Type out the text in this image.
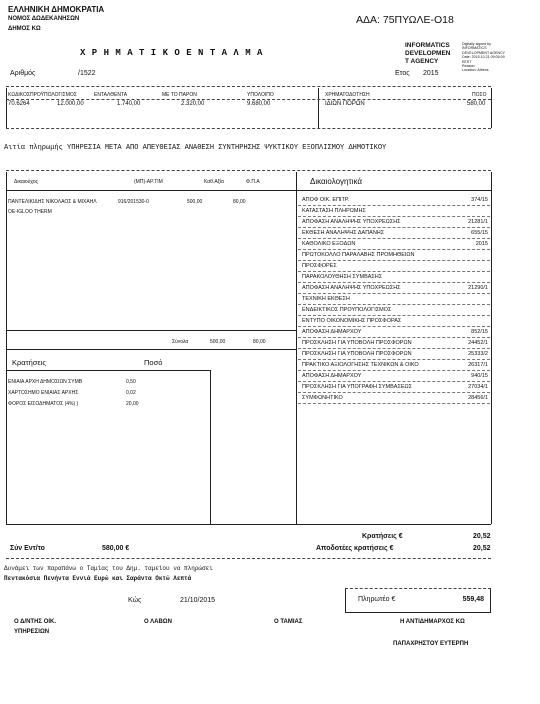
ΕΛΛΗΝΙΚΗ ΔΗΜΟΚΡΑΤΙΑ
ΝΟΜΟΣ ΔΩΔΕΚΑΝΗΣΩΝ
ΔΗΜΟΣ ΚΩ
ΑΔΑ: 75ΠΥΩΛΕ-Ο18
Χ Ρ Η Μ Α Τ Ι Κ Ο Ε Ν Τ Α Λ Μ Α
Αριθμός	/1522	Ετος 2015
INFORMATICS
DEVELOPMEN
T AGENCY
Digitally signed by
INFORMATICS
DEVELOPMENT AGENCY
Date: 2015.10.21 09:05:09
EEST
Reason:
Location: Athens
ΚΩΔΙΚΟΣΠΡΟΫΠΟΛΟΓΙΣΜΟΣ	ΕΝΤΑΛΘΕΝΤΑ	ΜΕ ΤΟ ΠΑΡΟΝ	ΥΠΟΛΟΙΠΟ	ΧΡΗΜΑΤΟΔΟΤΗΣΗ	ΠΟΣΟ
70.6264	12.000,00	1.740,00	2.320,00	9.680,00	ΙΔΙΩΝ ΠΟΡΩΝ	580,00
Αιτία πληρωμής ΥΠΗΡΕΣΙΑ ΜΕΤΑ ΑΠΟ ΑΠΕΥΘΕΙΑΣ ΑΝΑΘΕΣΗ ΣΥΝΤΗΡΗΣΗΣ ΨΥΚΤΙΚΟΥ ΕΞΟΠΛΙΣΜΟΥ ΔΗΜΟΤΙΚΟΥ
Δικαιούχος	(ΜΠ)-ΑΡ.ΤΙΜ	Καθ.Αξία	Φ.Π.Α	Δικαιολογητικά
ΠΑΝΤΕΛΙΚΙΔΗΣ ΝΙΚΟΛΑΟΣ & ΜΙΧΑΗΛ	916/201530-0	500,00	80,00
OE-IGLOO THERM
Σύνολα	500,00	80,00
Κρατήσεις	Ποσό
ΕΝΙΑΙΑ ΑΡΧΗ ΔΗΜΟΣΙΩΝ ΣΥΜΒ	0,50
ΧΑΡΤΟΣΗΜΟ ΕΝΙΑΙΑΣ ΑΡΧΗΣ	0,02
ΦΟΡΟΣ ΕΙΣΟΔΗΜΑΤΟΣ (4%) )	20,00
ΑΠΟΦ ΟΙΚ. ΕΠΙΤΡ.	374/15
ΚΑΤΑΣΤΑΣΗ ΠΛΗΡΩΜΗΣ
ΑΠΟΦΑΣΗ ΑΝΑΛΗΨΗΣ ΥΠΟΧΡΕΩΣΗΣ	21281/1
ΕΚΘΕΣΗ ΑΝΑΛΗΨΗΣ ΔΑΠΑΝΗΣ	655/15
ΚΑΘΟΛΙΚΟ ΕΞΟΔΩΝ	2015
ΠΡΩΤΟΚΟΛΛΟ ΠΑΡΑΛΑΒΗΣ ΠΡΟΜΗΘΕΙΩΝ
ΠΡΟΣΦΟΡΕΣ
ΠΑΡΑΚΟΛΟΥΘΗΣΗ ΣΥΜΒΑΣΗΣ
ΑΠΟΦΑΣΗ ΑΝΑΛΗΨΗΣ ΥΠΟΧΡΕΩΣΗΣ	21290/1
ΤΕΧΝΙΚΗ ΕΚΘΕΣΗ
ΕΝΔΕΙΚΤΙΚΟΣ ΠΡΟΥΠΟΛΟΓΙΣΜΟΣ
ΕΝΤΥΠΟ ΟΙΚΟΝΟΜΙΚΗΣ ΠΡΟΣΦΟΡΑΣ
ΑΠΟΦΑΣΗ ΔΗΜΑΡΧΟΥ	852/15
ΠΡΟΣΚΛΗΣΗ ΓΙΑ ΥΠΟΒΟΛΗ ΠΡΟΣΦΟΡΩΝ	24452/1
ΠΡΟΣΚΛΗΣΗ ΓΙΑ ΥΠΟΒΟΛΗ ΠΡΟΣΦΟΡΩΝ	25333/2
ΠΡΑΚΤΙΚΟ ΑΞΙΟΛΟΓΗΣΗΣ ΤΕΧΝΙΚΩΝ & ΟΙΚΟ	26317/1
ΑΠΟΦΑΣΗ ΔΗΜΑΡΧΟΥ	940/15
ΠΡΟΣΚΛΗΣΗ ΓΙΑ ΥΠΟΓΡΑΦΗ ΣΥΜΒΑΣΕΩΣ	27034/1
ΣΥΜΦΩΝΗΤΙΚΟ	28456/1
Κρατήσεις €	20,52
Σύν Εντ/το	580,00 €	Αποδοτέες κρατήσεις €	20,52
Δυνάμει των παραπάνω ο Ταμίας του Δημ. ταμείου να πληρώσει
Πεντακόσια Πενήντα Εννιά Ευρώ και Σαράντα Οκτώ Λεπτά
Κώς	21/10/2015	Πληρωτέο €	559,48
Ο Δ/ΝΤΗΣ ΟΙΚ.
ΥΠΗΡΕΣΙΩΝ
Ο ΛΑΒΩΝ	Ο ΤΑΜΙΑΣ	Η ΑΝΤΙΔΗΜΑΡΧΟΣ ΚΩ
ΠΑΠΑΧΡΗΣΤΟΥ ΕΥΤΕΡΠΗ
